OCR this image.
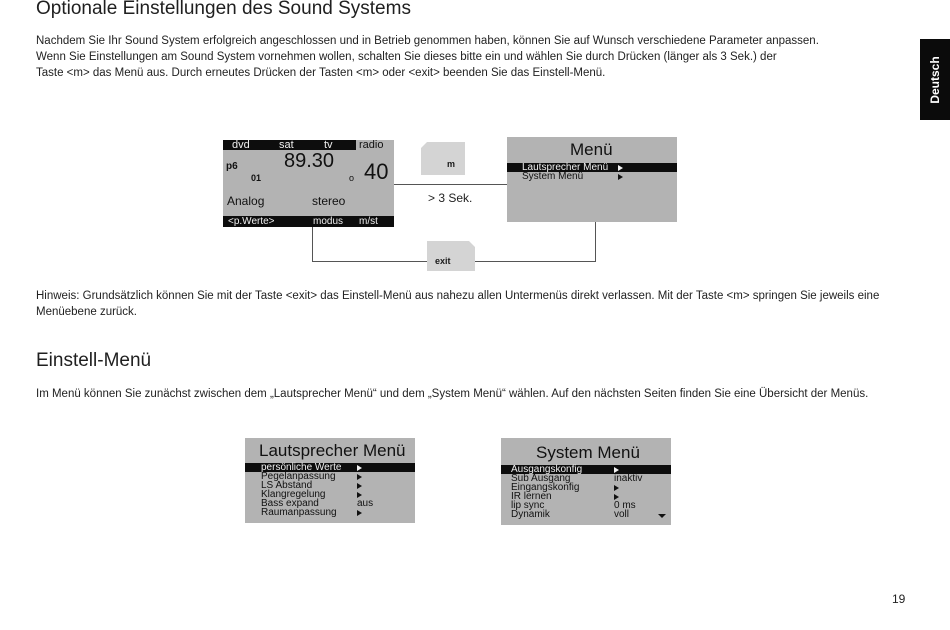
Optionale Einstellungen des Sound Systems
Nachdem Sie Ihr Sound System erfolgreich angeschlossen und in Betrieb genommen haben, können Sie auf Wunsch verschiedene Parameter anpassen.
Wenn Sie Einstellungen am Sound System vornehmen wollen, schalten Sie dieses bitte ein und wählen Sie durch Drücken (länger als 3 Sek.) der
Taste <m> das Menü aus. Durch erneutes Drücken der Tasten <m> oder <exit> beenden Sie das Einstell-Menü.	Deutsch
dvd	sat	tv radio
p6 89.30
01	o 40
Analog	stereo
<p.Werte>	modus m/st
m
> 3 Sek.
Menü
Lautsprecher Menü
System Menü
exit
Hinweis: Grundsätzlich können Sie mit der Taste <exit> das Einstell-Menü aus nahezu allen Untermenüs direkt verlassen. Mit der Taste <m> springen Sie jeweils eine
Menüebene zurück.
Einstell-Menü
Im Menü können Sie zunächst zwischen dem „Lautsprecher Menü“ und dem „System Menü“ wählen. Auf den nächsten Seiten finden Sie eine Übersicht der Menüs.
Lautsprecher Menü
persönliche Werte
Pegelanpassung
LS Abstand
Klangregelung
Bass expand	aus
Raumanpassung
System Menü
Ausgangskonfig
Sub Ausgang	inaktiv
Eingangskonfig
IR lernen
lip sync	0 ms
Dynamik	voll
19
